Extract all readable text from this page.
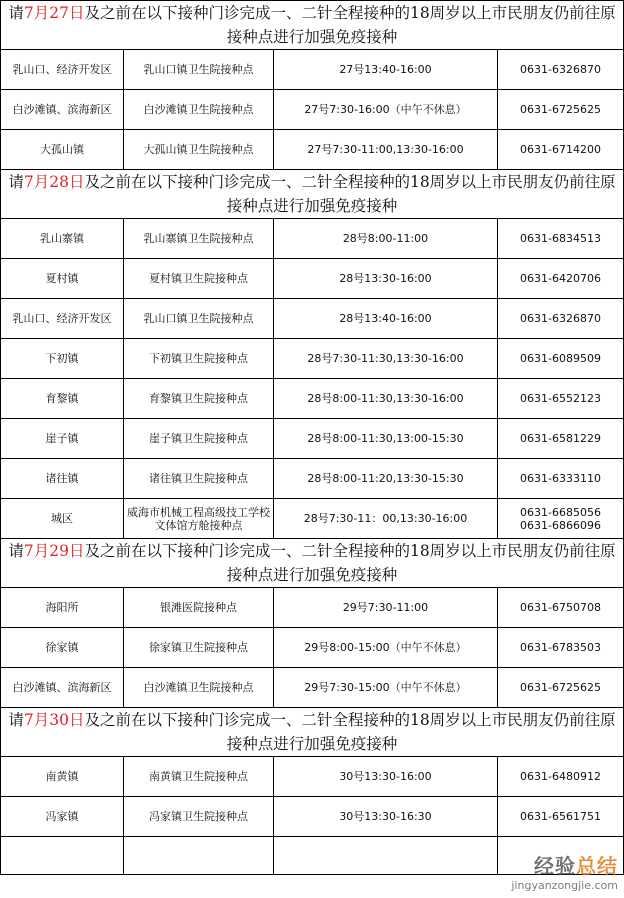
请7月27日及之前在以下接种门诊完成一、二针全程接种的18周岁以上市民朋友仍前往原接种点进行加强免疫接种			
乳山口、经济开发区	乳山口镇卫生院接种点	27号13:40-16:00	0631-6326870

白沙滩镇、滨海新区	白沙滩镇卫生院接种点	27号7:30-16:00（中午不休息）	0631-6725625

大孤山镇	大孤山镇卫生院接种点	27号7:30-11:00,13:30-16:00	0631-6714200

请7月28日及之前在以下接种门诊完成一、二针全程接种的18周岁以上市民朋友仍前往原接种点进行加强免疫接种			
乳山寨镇	乳山寨镇卫生院接种点	28号8:00-11:00	0631-6834513

夏村镇	夏村镇卫生院接种点	28号13:30-16:00	0631-6420706

乳山口、经济开发区	乳山口镇卫生院接种点	28号13:40-16:00	0631-6326870

下初镇	下初镇卫生院接种点	28号7:30-11:30,13:30-16:00	0631-6089509

育黎镇	育黎镇卫生院接种点	28号8:00-11:30,13:30-16:00	0631-6552123

崖子镇	崖子镇卫生院接种点	28号8:00-11:30,13:00-15:30	0631-6581229

诸往镇	诸往镇卫生院接种点	28号8:00-11:20,13:30-15:30	0631-6333110

城区	威海市机械工程高级技工学校文体馆方舱接种点	28号7:30-11：00,13:30-16:00	0631-6685056
0631-6866096

请7月29日及之前在以下接种门诊完成一、二针全程接种的18周岁以上市民朋友仍前往原接种点进行加强免疫接种			
海阳所	银滩医院接种点	29号7:30-11:00	0631-6750708

徐家镇	徐家镇卫生院接种点	29号8:00-15:00（中午不休息）	0631-6783503

白沙滩镇、滨海新区	白沙滩镇卫生院接种点	29号7:30-15:00（中午不休息）	0631-6725625

请7月30日及之前在以下接种门诊完成一、二针全程接种的18周岁以上市民朋友仍前往原接种点进行加强免疫接种			
南黄镇	南黄镇卫生院接种点	30号13:30-16:00	0631-6480912

冯家镇	冯家镇卫生院接种点	30号13:30-16:30	0631-6561751

经验总结
jingyanzongjie.com
